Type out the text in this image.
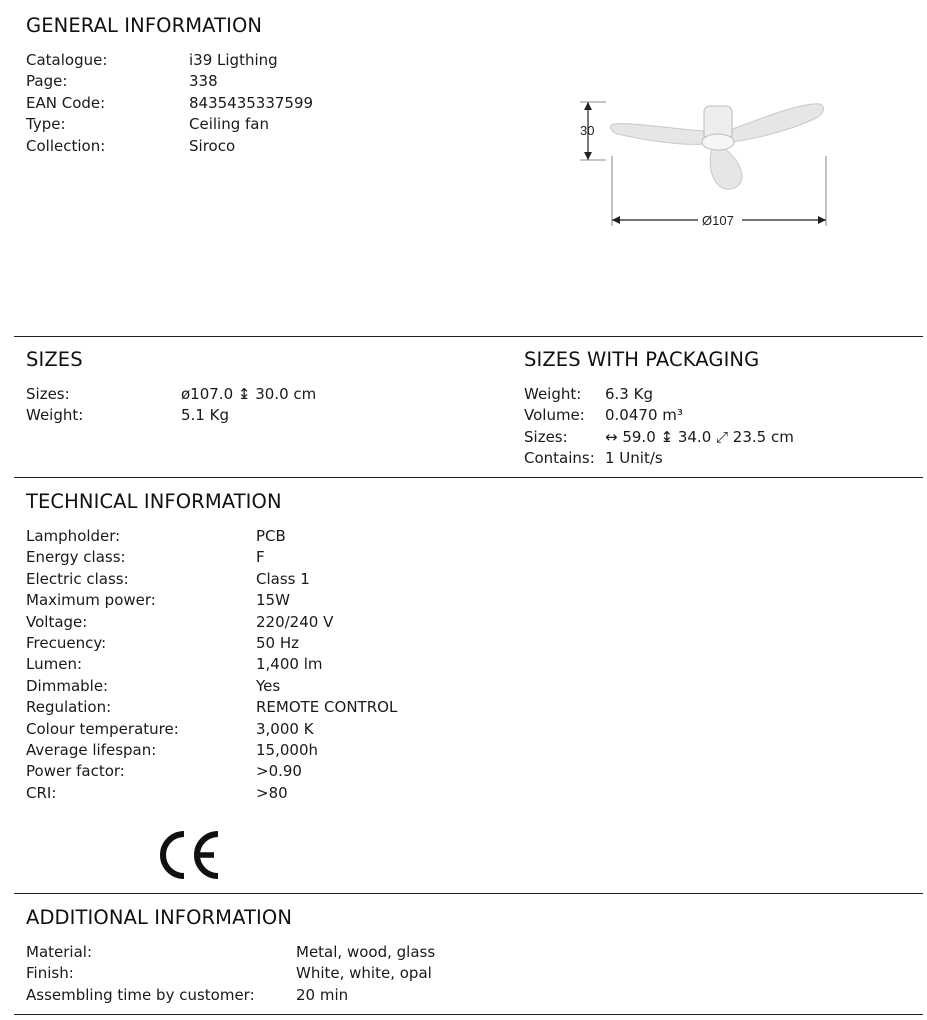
GENERAL INFORMATION
Catalogue:	i39 Ligthing
Page:	338
EAN Code:	8435435337599
Type:	Ceiling fan
Collection:	Siroco
30
Ø107
SIZES
Sizes:	ø107.0 ↨ 30.0 cm
Weight:	5.1 Kg
SIZES WITH PACKAGING
Weight: 6.3 Kg
Volume: 0.0470 m³
Sizes: ↔ 59.0 ↨ 34.0 ⤢ 23.5 cm
Contains: 1 Unit/s
TECHNICAL INFORMATION
Lampholder:	PCB
Energy class:	F
Electric class:	Class 1
Maximum power:	15W
Voltage:	220/240 V
Frecuency:	50 Hz
Lumen:	1,400 lm
Dimmable:	Yes
Regulation:	REMOTE CONTROL
Colour temperature:	3,000 K
Average lifespan:	15,000h
Power factor:	>0.90
CRI:	>80
ADDITIONAL INFORMATION
Material:	Metal, wood, glass
Finish:	White, white, opal
Assembling time by customer:	20 min
